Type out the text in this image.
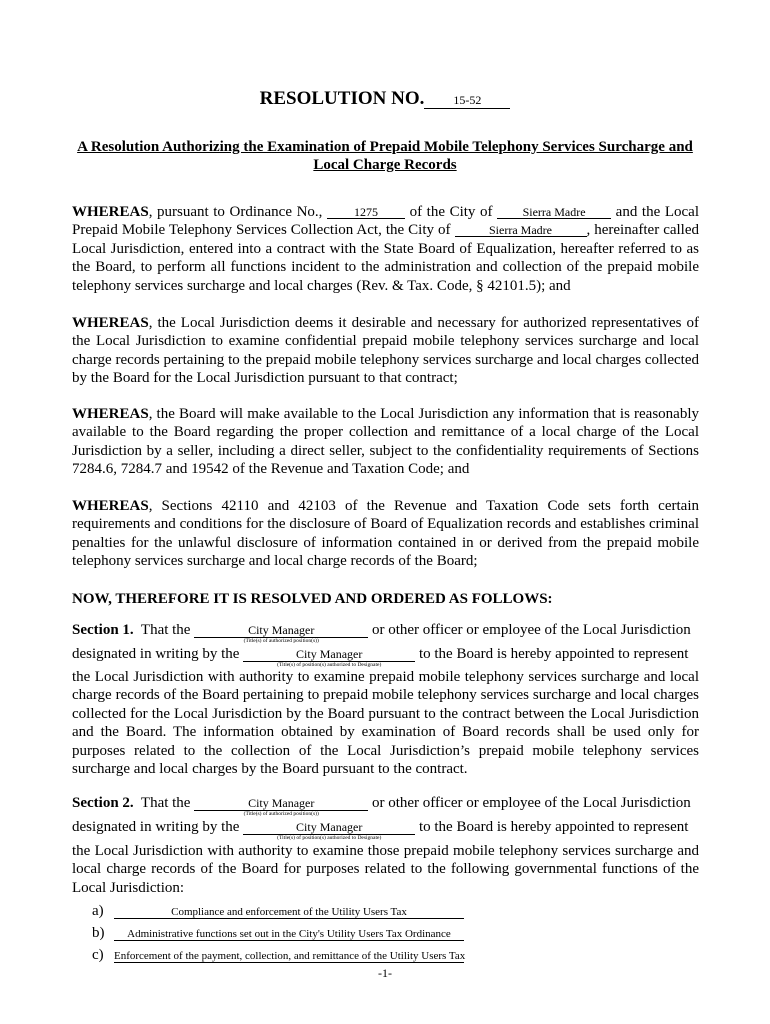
RESOLUTION NO. 15-52
A Resolution Authorizing the Examination of Prepaid Mobile Telephony Services Surcharge and Local Charge Records
WHEREAS, pursuant to Ordinance No., 1275 of the City of Sierra Madre and the Local Prepaid Mobile Telephony Services Collection Act, the City of	Sierra Madre , hereinafter called Local Jurisdiction, entered into a contract with the State Board of Equalization, hereafter referred to as the Board, to perform all functions incident to the administration and collection of the prepaid mobile telephony services surcharge and local charges (Rev. & Tax. Code, § 42101.5); and
WHEREAS, the Local Jurisdiction deems it desirable and necessary for authorized representatives of the Local Jurisdiction to examine confidential prepaid mobile telephony services surcharge and local charge records pertaining to the prepaid mobile telephony services surcharge and local charges collected by the Board for the Local Jurisdiction pursuant to that contract;
WHEREAS, the Board will make available to the Local Jurisdiction any information that is reasonably available to the Board regarding the proper collection and remittance of a local charge of the Local Jurisdiction by a seller, including a direct seller, subject to the confidentiality requirements of Sections 7284.6, 7284.7 and 19542 of the Revenue and Taxation Code; and
WHEREAS, Sections 42110 and 42103 of the Revenue and Taxation Code sets forth certain requirements and conditions for the disclosure of Board of Equalization records and establishes criminal penalties for the unlawful disclosure of information contained in or derived from the prepaid mobile telephony services surcharge and local charge records of the Board;
NOW, THEREFORE IT IS RESOLVED AND ORDERED AS FOLLOWS:
Section 1. That the	City Manager
(Title(s) of authorized position(s))
or other officer or employee of the Local Jurisdiction
designated in writing by the	City Manager
(Title(s) of position(s) authorized to Designate)
to the Board is hereby appointed to represent
the Local Jurisdiction with authority to examine prepaid mobile telephony services surcharge and local charge records of the Board pertaining to prepaid mobile telephony services surcharge and local charges collected for the Local Jurisdiction by the Board pursuant to the contract between the Local Jurisdiction and the Board. The information obtained by examination of Board records shall be used only for purposes related to the collection of the Local Jurisdiction’s prepaid mobile telephony services surcharge and local charges by the Board pursuant to the contract.
Section 2. That the	City Manager
(Title(s) of authorized position(s))
or other officer or employee of the Local Jurisdiction
designated in writing by the	City Manager
(Title(s) of position(s) authorized to Designate)
to the Board is hereby appointed to represent
the Local Jurisdiction with authority to examine those prepaid mobile telephony services surcharge and local charge records of the Board for purposes related to the following governmental functions of the Local Jurisdiction:
a)	Compliance and enforcement of the Utility Users Tax
b) Administrative functions set out in the City's Utility Users Tax Ordinance
c) Enforcement of the payment, collection, and remittance of the Utility Users Tax
-1-
